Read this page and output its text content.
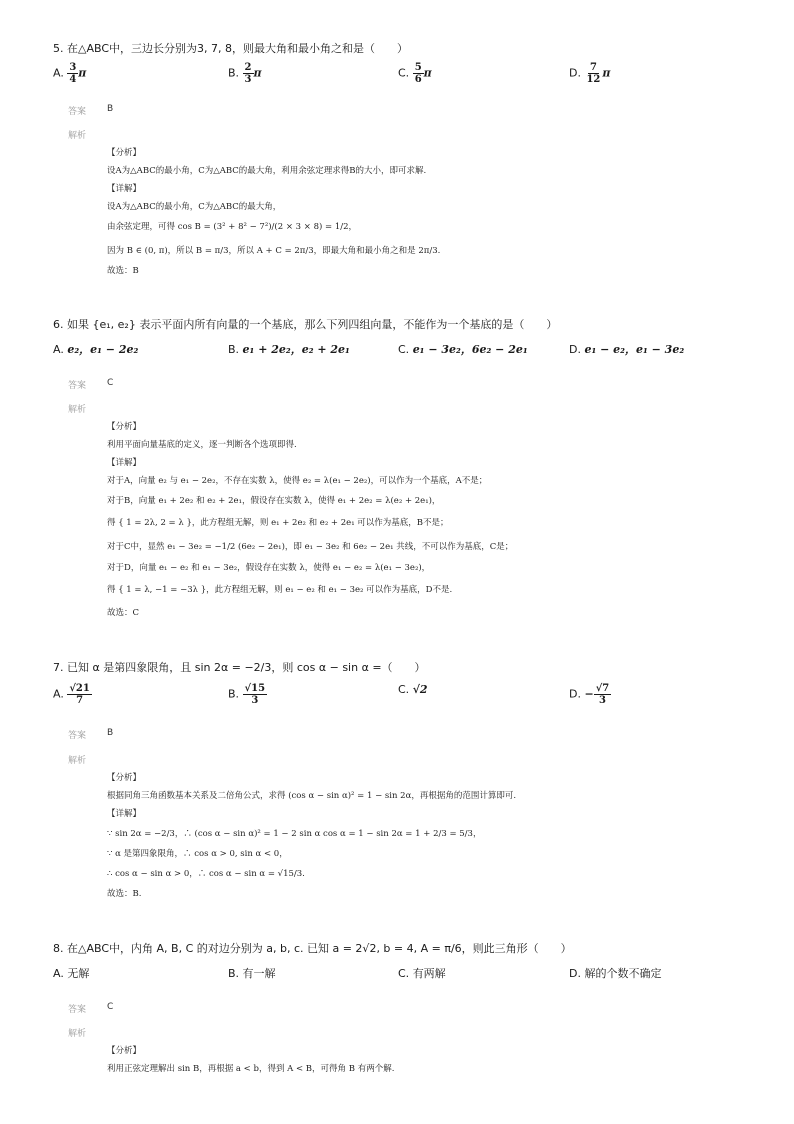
5. 在△ABC中，三边长分别为3, 7, 8，则最大角和最小角之和是（　　）
A. $\frac{3}{4}$ π	B. $\frac{2}{3}$ π	C. $\frac{5}{6}$ π	D. $\frac{7}{12}$ π
答案 B
解析
【分析】
设A为△ABC的最小角，C为△ABC的最大角，利用余弦定理求得B的大小，即可求解.
【详解】
设A为△ABC的最小角，C为△ABC的最大角，
由余弦定理，可得 cos B = (3² + 8² − 7²)/(2 × 3 × 8) = 1/2，
因为 B ∈ (0, π)，所以 B = π/3，所以 A + C = 2π/3，即最大角和最小角之和是 2π/3.
故选：B
6. 如果 {e₁, e₂} 表示平面内所有向量的一个基底，那么下列四组向量，不能作为一个基底的是（　　）
A. e₂，e₁ − 2e₂	B. e₁ + 2e₂，e₂ + 2e₁	C. e₁ − 3e₂，6e₂ − 2e₁	D. e₁ − e₂，e₁ − 3e₂
答案 C
解析
【分析】
利用平面向量基底的定义，逐一判断各个选项即得.
【详解】
对于A，向量 e₂ 与 e₁ − 2e₂，不存在实数 λ，使得 e₂ = λ(e₁ − 2e₂)，可以作为一个基底，A不是；
对于B，向量 e₁ + 2e₂ 和 e₂ + 2e₁，假设存在实数 λ，使得 e₁ + 2e₂ = λ(e₂ + 2e₁)，
得 { 1 = 2λ, 2 = λ }，此方程组无解，则 e₁ + 2e₂ 和 e₂ + 2e₁ 可以作为基底，B不是；
对于C中，显然 e₁ − 3e₂ = −1/2 (6e₂ − 2e₁)，即 e₁ − 3e₂ 和 6e₂ − 2e₁ 共线，不可以作为基底，C是；
对于D，向量 e₁ − e₂ 和 e₁ − 3e₂，假设存在实数 λ，使得 e₁ − e₂ = λ(e₁ − 3e₂)，
得 { 1 = λ, −1 = −3λ }，此方程组无解，则 e₁ − e₂ 和 e₁ − 3e₂ 可以作为基底，D不是.
故选：C
7. 已知 α 是第四象限角，且 sin 2α = −2/3，则 cos α − sin α =（　　）
A. $\frac{√21}{7}$	B. $\frac{√15}{3}$	C. √2	D. − $\frac{√7}{3}$
答案 B
解析
【分析】
根据同角三角函数基本关系及二倍角公式，求得 (cos α − sin α)² = 1 − sin 2α，再根据角的范围计算即可.
【详解】
∵ sin 2α = −2/3，∴ (cos α − sin α)² = 1 − 2 sin α cos α = 1 − sin 2α = 1 + 2/3 = 5/3，
∵ α 是第四象限角，∴ cos α > 0, sin α < 0，
∴ cos α − sin α > 0，∴ cos α − sin α = √15/3.
故选：B.
8. 在△ABC中，内角 A, B, C 的对边分别为 a, b, c. 已知 a = 2√2, b = 4, A = π/6，则此三角形（　　）
A. 无解	B. 有一解	C. 有两解	D. 解的个数不确定
答案 C
解析
【分析】
利用正弦定理解出 sin B，再根据 a < b，得到 A < B，可得角 B 有两个解.
